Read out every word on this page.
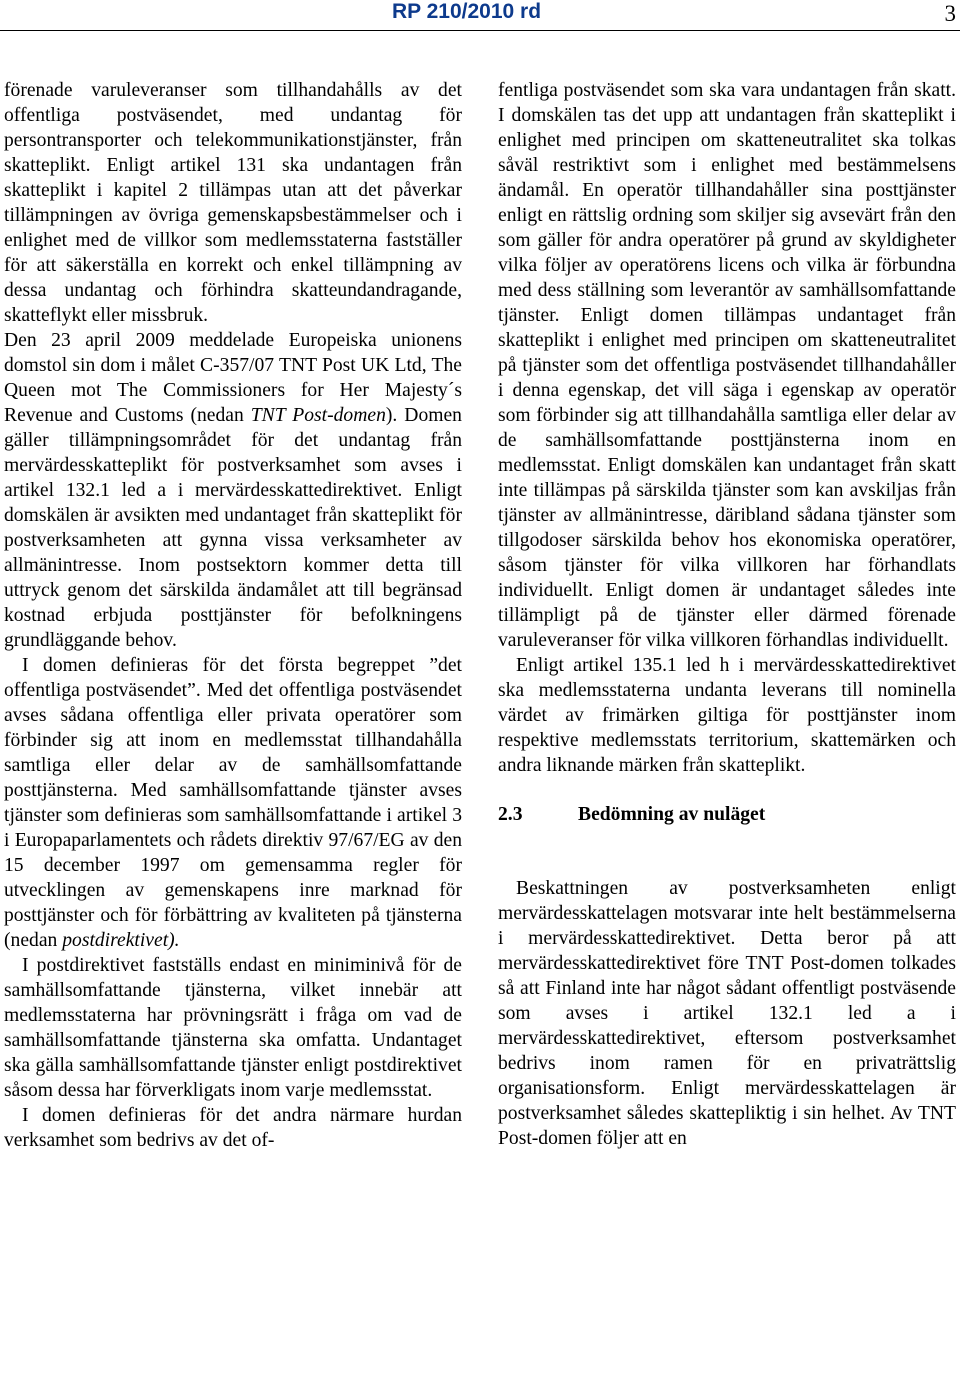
RP 210/2010 rd	3

förenade varuleveranser som tillhandahålls av det offentliga postväsendet, med undantag för persontransporter och telekommunikationstjänster, från skatteplikt. Enligt artikel 131 ska undantagen från skatteplikt i kapitel 2 tillämpas utan att det påverkar tillämpningen av övriga gemenskapsbestämmelser och i enlighet med de villkor som medlemsstaterna fastställer för att säkerställa en korrekt och enkel tillämpning av dessa undantag och förhindra skatteundandragande, skatteflykt eller missbruk.

Den 23 april 2009 meddelade Europeiska unionens domstol sin dom i målet C-357/07 TNT Post UK Ltd, The Queen mot The Commissioners for Her Majesty´s Revenue and Customs (nedan TNT Post-domen). Domen gäller tillämpningsområdet för det undantag från mervärdesskatteplikt för postverksamhet som avses i artikel 132.1 led a i mervärdesskattedirektivet. Enligt domskälen är avsikten med undantaget från skatteplikt för postverksamheten att gynna vissa verksamheter av allmänintresse. Inom postsektorn kommer detta till uttryck genom det särskilda ändamålet att till begränsad kostnad erbjuda posttjänster för befolkningens grundläggande behov.

I domen definieras för det första begreppet ”det offentliga postväsendet”. Med det offentliga postväsendet avses sådana offentliga eller privata operatörer som förbinder sig att inom en medlemsstat tillhandahålla samtliga eller delar av de samhällsomfattande posttjänsterna. Med samhällsomfattande tjänster avses tjänster som definieras som samhällsomfattande i artikel 3 i Europaparlamentets och rådets direktiv 97/67/EG av den 15 december 1997 om gemensamma regler för utvecklingen av gemenskapens inre marknad för posttjänster och för förbättring av kvaliteten på tjänsterna (nedan postdirektivet).

I postdirektivet fastställs endast en miniminivå för de samhällsomfattande tjänsterna, vilket innebär att medlemsstaterna har prövningsrätt i fråga om vad de samhällsomfattande tjänsterna ska omfatta. Undantaget ska gälla samhällsomfattande tjänster enligt postdirektivet såsom dessa har förverkligats inom varje medlemsstat.

I domen definieras för det andra närmare hurdan verksamhet som bedrivs av det of-

fentliga postväsendet som ska vara undantagen från skatt. I domskälen tas det upp att undantagen från skatteplikt i enlighet med principen om skatteneutralitet ska tolkas såväl restriktivt som i enlighet med bestämmelsens ändamål. En operatör tillhandahåller sina posttjänster enligt en rättslig ordning som skiljer sig avsevärt från den som gäller för andra operatörer på grund av skyldigheter vilka följer av operatörens licens och vilka är förbundna med dess ställning som leverantör av samhällsomfattande tjänster. Enligt domen tillämpas undantaget från skatteplikt i enlighet med principen om skatteneutralitet på tjänster som det offentliga postväsendet tillhandahåller i denna egenskap, det vill säga i egenskap av operatör som förbinder sig att tillhandahålla samtliga eller delar av de samhällsomfattande posttjänsterna inom en medlemsstat. Enligt domskälen kan undantaget från skatt inte tillämpas på särskilda tjänster som kan avskiljas från tjänster av allmänintresse, däribland sådana tjänster som tillgodoser särskilda behov hos ekonomiska operatörer, såsom tjänster för vilka villkoren har förhandlats individuellt. Enligt domen är undantaget således inte tillämpligt på de tjänster eller därmed förenade varuleveranser för vilka villkoren förhandlas individuellt.

Enligt artikel 135.1 led h i mervärdesskattedirektivet ska medlemsstaterna undanta leverans till nominella värdet av frimärken giltiga för posttjänster inom respektive medlemsstats territorium, skattemärken och andra liknande märken från skatteplikt.

2.3	Bedömning av nuläget

Beskattningen av postverksamheten enligt mervärdesskattelagen motsvarar inte helt bestämmelserna i mervärdesskattedirektivet. Detta beror på att mervärdesskattedirektivet före TNT Post-domen tolkades så att Finland inte har något sådant offentligt postväsende som avses i artikel 132.1 led a i mervärdesskattedirektivet, eftersom postverksamhet bedrivs inom ramen för en privaträttslig organisationsform. Enligt mervärdesskattelagen är postverksamhet således skattepliktig i sin helhet. Av TNT Post-domen följer att en
